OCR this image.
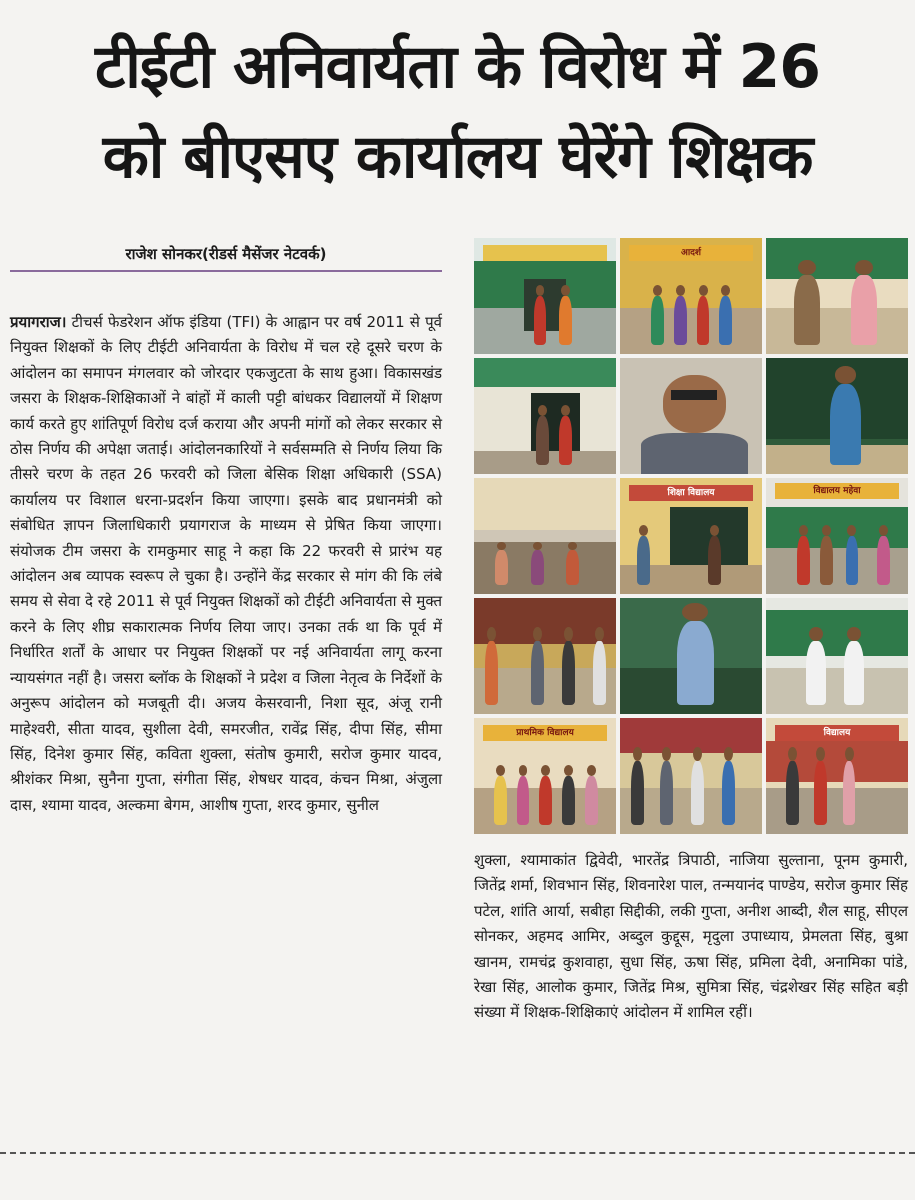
टीईटी अनिवार्यता के विरोध में 26
को बीएसए कार्यालय घेरेंगे शिक्षक
राजेश सोनकर(रीडर्स मैसेंजर नेटवर्क)
प्रयागराज। टीचर्स फेडरेशन ऑफ इंडिया (TFI) के आह्वान पर वर्ष 2011 से पूर्व नियुक्त शिक्षकों के लिए टीईटी अनिवार्यता के विरोध में चल रहे दूसरे चरण के आंदोलन का समापन मंगलवार को जोरदार एकजुटता के साथ हुआ। विकासखंड जसरा के शिक्षक-शिक्षिकाओं ने बांहों में काली पट्टी बांधकर विद्यालयों में शिक्षण कार्य करते हुए शांतिपूर्ण विरोध दर्ज कराया और अपनी मांगों को लेकर सरकार से ठोस निर्णय की अपेक्षा जताई। आंदोलनकारियों ने सर्वसम्मति से निर्णय लिया कि तीसरे चरण के तहत 26 फरवरी को जिला बेसिक शिक्षा अधिकारी (SSA) कार्यालय पर विशाल धरना-प्रदर्शन किया जाएगा। इसके बाद प्रधानमंत्री को संबोधित ज्ञापन जिलाधिकारी प्रयागराज के माध्यम से प्रेषित किया जाएगा। संयोजक टीम जसरा के रामकुमार साहू ने कहा कि 22 फरवरी से प्रारंभ यह आंदोलन अब व्यापक स्वरूप ले चुका है। उन्होंने केंद्र सरकार से मांग की कि लंबे समय से सेवा दे रहे 2011 से पूर्व नियुक्त शिक्षकों को टीईटी अनिवार्यता से मुक्त करने के लिए शीघ्र सकारात्मक निर्णय लिया जाए। उनका तर्क था कि पूर्व में निर्धारित शर्तों के आधार पर नियुक्त शिक्षकों पर नई अनिवार्यता लागू करना न्यायसंगत नहीं है। जसरा ब्लॉक के शिक्षकों ने प्रदेश व जिला नेतृत्व के निर्देशों के अनुरूप आंदोलन को मजबूती दी। अजय केसरवानी, निशा सूद, अंजू रानी माहेश्वरी, सीता यादव, सुशीला देवी, समरजीत, रावेंद्र सिंह, दीपा सिंह, सीमा सिंह, दिनेश कुमार सिंह, कविता शुक्ला, संतोष कुमारी, सरोज कुमार यादव, श्रीशंकर मिश्रा, सुनैना गुप्ता, संगीता सिंह, शेषधर यादव, कंचन मिश्रा, अंजुला दास, श्यामा यादव, अल्कमा बेगम, आशीष गुप्ता, शरद कुमार, सुनील

आदर्श
शिक्षा विद्यालय	विद्यालय महेवा
प्राथमिक विद्यालय	विद्यालय
शुक्ला, श्यामाकांत द्विवेदी, भारतेंद्र त्रिपाठी, नाजिया सुल्ताना, पूनम कुमारी, जितेंद्र शर्मा, शिवभान सिंह, शिवनारेश पाल, तन्मयानंद पाण्डेय, सरोज कुमार सिंह पटेल, शांति आर्या, सबीहा सिद्दीकी, लकी गुप्ता, अनीश आब्दी, शैल साहू, सीएल सोनकर, अहमद आमिर, अब्दुल कुद्दूस, मृदुला उपाध्याय, प्रेमलता सिंह, बुश्रा खानम, रामचंद्र कुशवाहा, सुधा सिंह, ऊषा सिंह, प्रमिला देवी, अनामिका पांडे, रेखा सिंह, आलोक कुमार, जितेंद्र मिश्र, सुमित्रा सिंह, चंद्रशेखर सिंह सहित बड़ी संख्या में शिक्षक-शिक्षिकाएं आंदोलन में शामिल रहीं।
